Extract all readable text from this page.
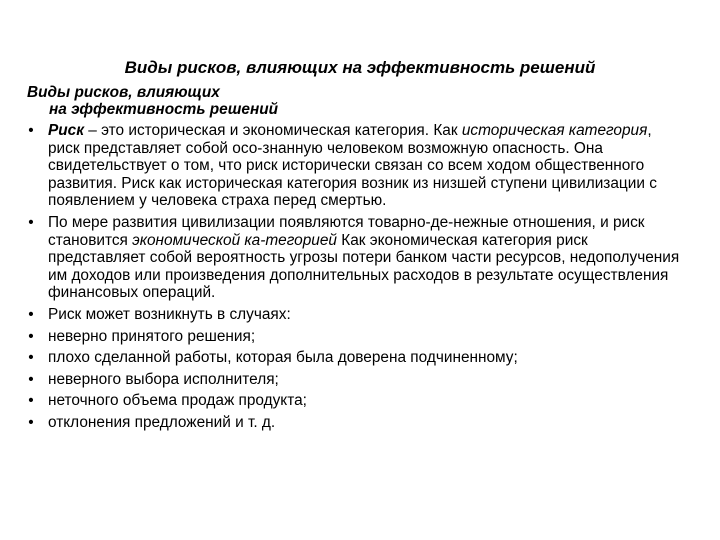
Виды рисков, влияющих на эффективность решений
Виды рисков, влияющих
на эффективность решений
• Риск – это историческая и экономическая категория. Как историческая категория, риск представляет собой осо-знанную человеком возможную опасность. Она свидетельствует о том, что риск исторически связан со всем ходом общественного развития. Риск как историческая категория возник из низшей ступени цивилизации с появлением у человека страха перед смертью.
• По мере развития цивилизации появляются товарно-де-нежные отношения, и риск становится экономической ка-тегорией Как экономическая категория риск представляет собой вероятность угрозы потери банком части ресурсов, недополучения им доходов или произведения дополнительных расходов в результате осуществления финансовых операций.
• Риск может возникнуть в случаях:
• неверно принятого решения;
• плохо сделанной работы, которая была доверена подчиненному;
• неверного выбора исполнителя;
• неточного объема продаж продукта;
• отклонения предложений и т. д.
